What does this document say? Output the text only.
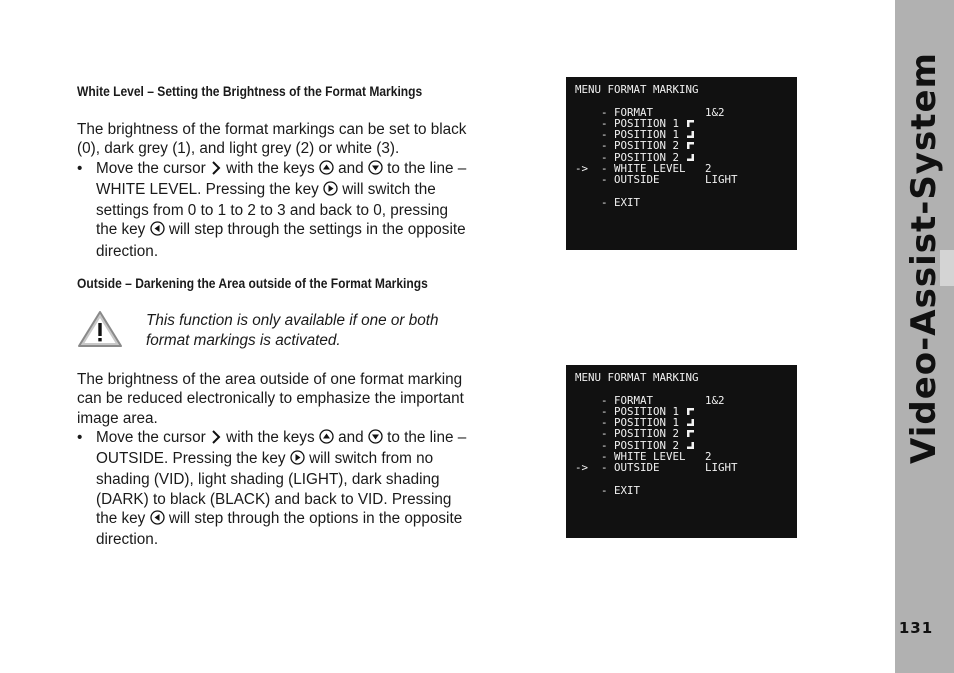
Video-Assist-System
131
White Level – Setting the Brightness of the Format Markings

The brightness of the format markings can be set to black (0), dark grey (1), and light grey (2) or white (3).

• Move the cursor with the keys and to the line – WHITE LEVEL. Pressing the key will switch the settings from 0 to 1 to 2 to 3 and back to 0, pressing the key will step through the settings in the opposite direction.
Outside – Darkening the Area outside of the Format Markings
This function is only available if one or both format markings is activated.

The brightness of the area outside of one format marking can be reduced electronically to emphasize the important image area.

• Move the cursor with the keys and to the line – OUTSIDE. Pressing the key will switch from no shading (VID), light shading (LIGHT), dark shading (DARK) to black (BLACK) and back to VID. Pressing the key will step through the options in the opposite direction.
MENU FORMAT MARKING

- FORMAT	1&2
- POSITION 1

- POSITION 1

- POSITION 2

- POSITION 2

->  - WHITE LEVEL 2
- OUTSIDE	LIGHT

- EXIT
MENU FORMAT MARKING

- FORMAT	1&2
- POSITION 1

- POSITION 1

- POSITION 2

- POSITION 2

- WHITE LEVEL 2
->  - OUTSIDE	LIGHT

- EXIT
